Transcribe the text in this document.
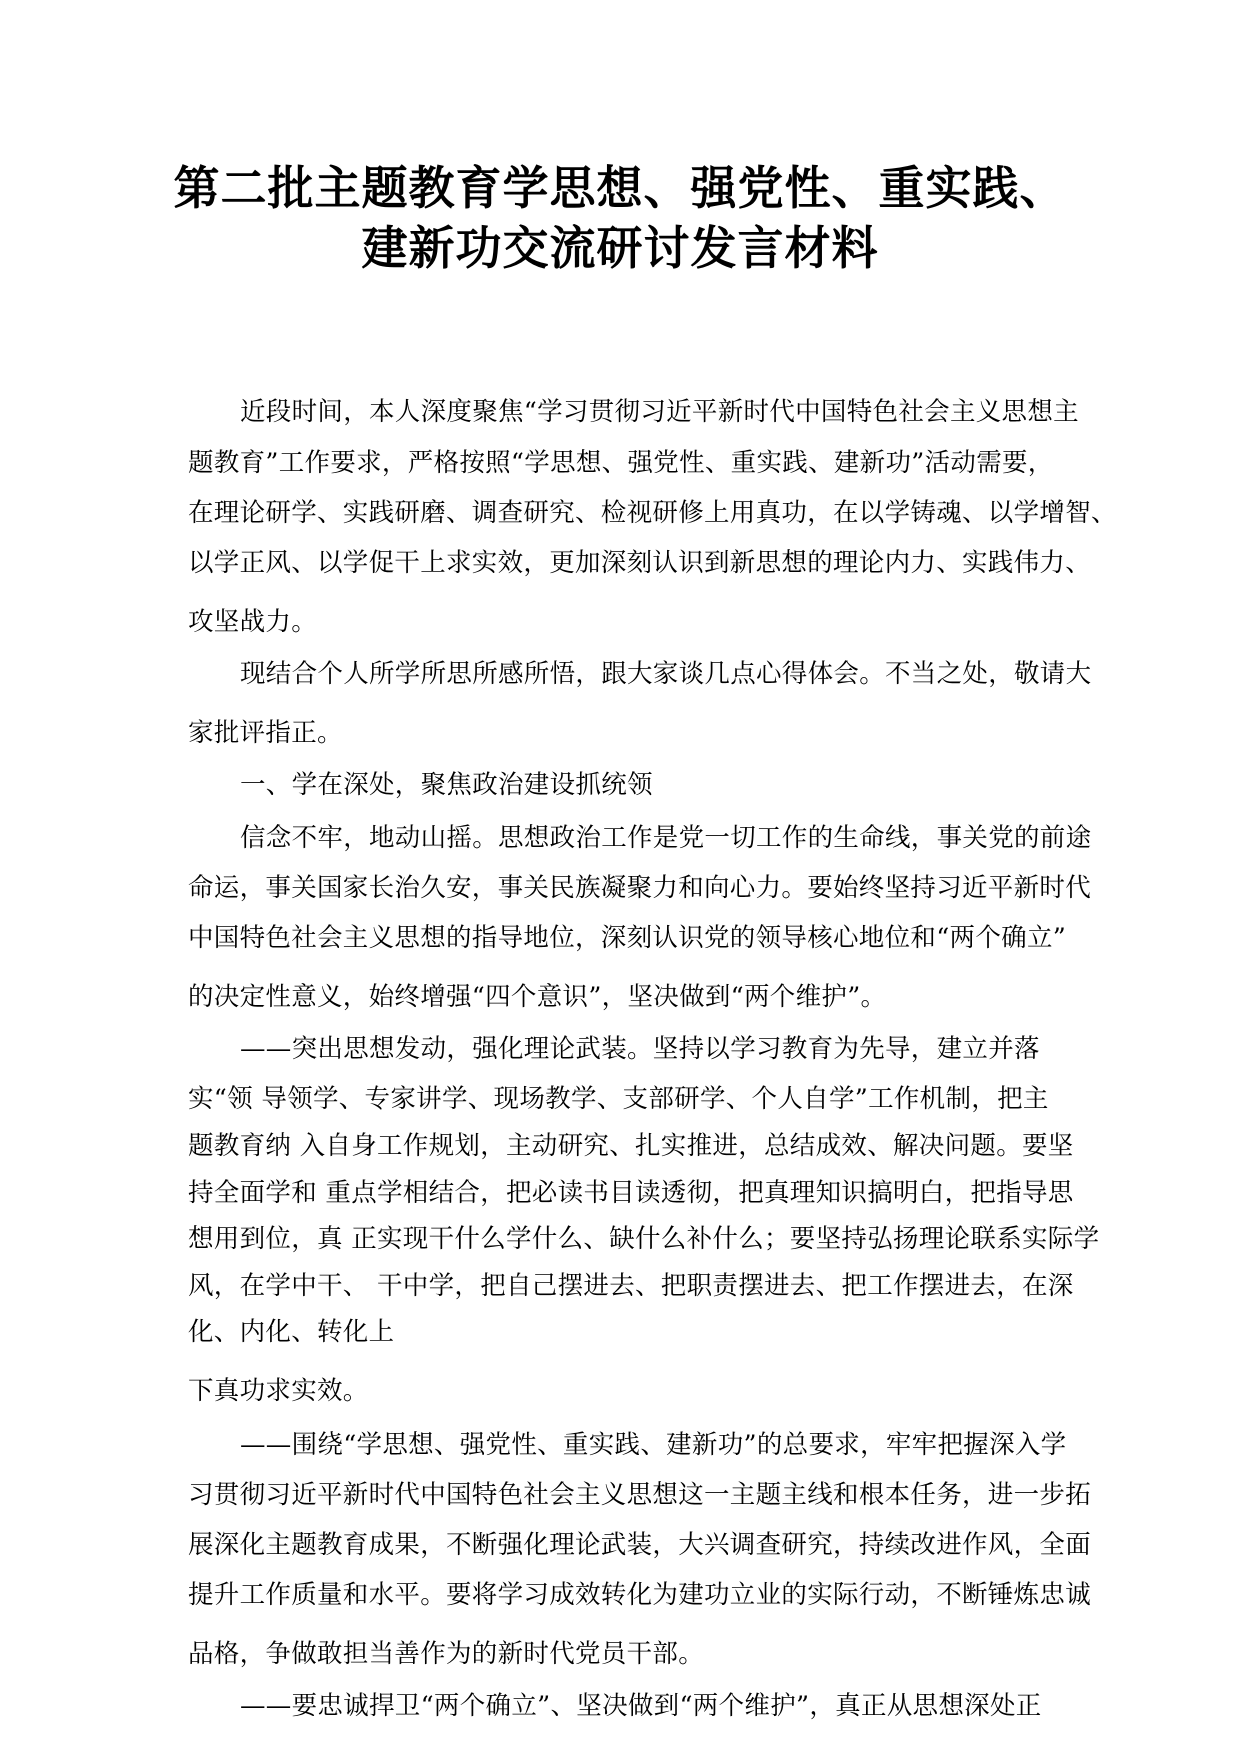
第二批主题教育学思想、强党性、重实践、
建新功交流研讨发言材料
近段时间，本人深度聚焦“学习贯彻习近平新时代中国特色社会主义思想主
题教育”工作要求，严格按照“学思想、强党性、重实践、建新功”活动需要，
在理论研学、实践研磨、调查研究、检视研修上用真功，在以学铸魂、以学增智、
以学正风、以学促干上求实效，更加深刻认识到新思想的理论内力、实践伟力、
攻坚战力。
现结合个人所学所思所感所悟，跟大家谈几点心得体会。不当之处，敬请大
家批评指正。
一、学在深处，聚焦政治建设抓统领
信念不牢，地动山摇。思想政治工作是党一切工作的生命线，事关党的前途
命运，事关国家长治久安，事关民族凝聚力和向心力。要始终坚持习近平新时代
中国特色社会主义思想的指导地位，深刻认识党的领导核心地位和“两个确立”
的决定性意义，始终增强“四个意识”，坚决做到“两个维护”。
——突出思想发动，强化理论武装。坚持以学习教育为先导，建立并落
实“领 导领学、专家讲学、现场教学、支部研学、个人自学”工作机制，把主
题教育纳 入自身工作规划，主动研究、扎实推进，总结成效、解决问题。要坚
持全面学和 重点学相结合，把必读书目读透彻，把真理知识搞明白，把指导思
想用到位，真 正实现干什么学什么、缺什么补什么；要坚持弘扬理论联系实际学
风，在学中干、 干中学，把自己摆进去、把职责摆进去、把工作摆进去，在深
化、内化、转化上
下真功求实效。
——围绕“学思想、强党性、重实践、建新功”的总要求，牢牢把握深入学
习贯彻习近平新时代中国特色社会主义思想这一主题主线和根本任务，进一步拓
展深化主题教育成果，不断强化理论武装，大兴调查研究，持续改进作风，全面
提升工作质量和水平。要将学习成效转化为建功立业的实际行动，不断锤炼忠诚
品格，争做敢担当善作为的新时代党员干部。
——要忠诚捍卫“两个确立”、坚决做到“两个维护”，真正从思想深处正
